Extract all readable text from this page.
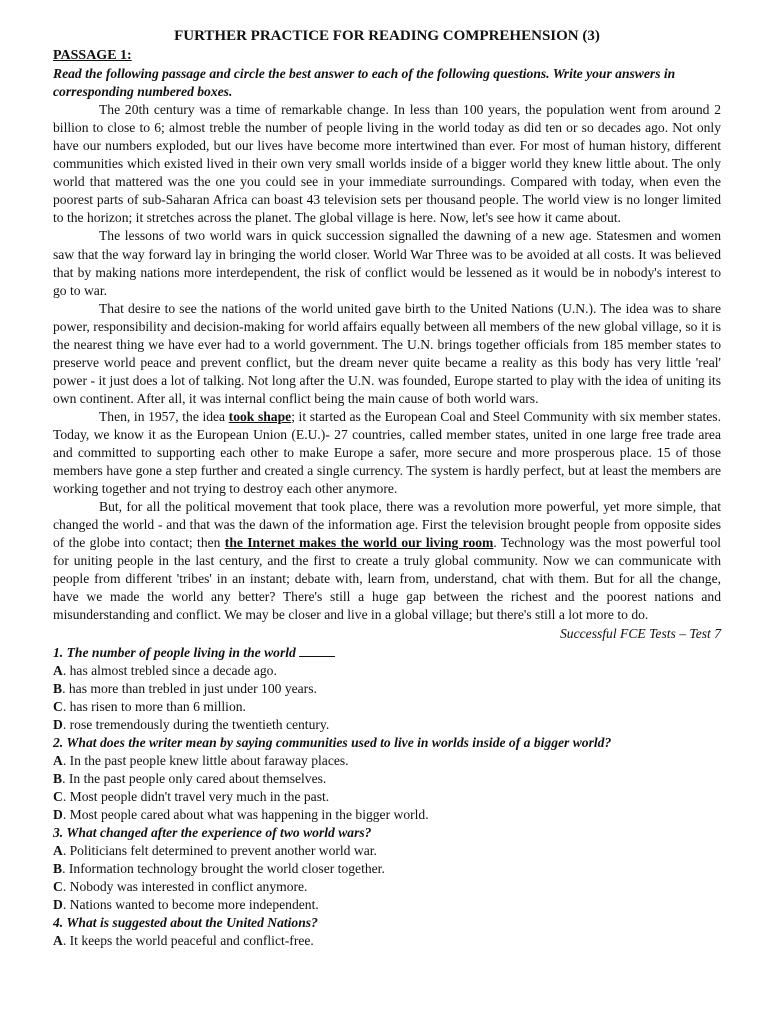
FURTHER PRACTICE FOR READING COMPREHENSION (3)

PASSAGE 1:

Read the following passage and circle the best answer to each of the following questions. Write your answers in corresponding numbered boxes.

The 20th century was a time of remarkable change. In less than 100 years, the population went from around 2 billion to close to 6; almost treble the number of people living in the world today as did ten or so decades ago. Not only have our numbers exploded, but our lives have become more intertwined than ever. For most of human history, different communities which existed lived in their own very small worlds inside of a bigger world they knew little about. The only world that mattered was the one you could see in your immediate surroundings. Compared with today, when even the poorest parts of sub-Saharan Africa can boast 43 television sets per thousand people. The world view is no longer limited to the horizon; it stretches across the planet. The global village is here. Now, let's see how it came about.

The lessons of two world wars in quick succession signalled the dawning of a new age. Statesmen and women saw that the way forward lay in bringing the world closer. World War Three was to be avoided at all costs. It was believed that by making nations more interdependent, the risk of conflict would be lessened as it would be in nobody's interest to go to war.

That desire to see the nations of the world united gave birth to the United Nations (U.N.). The idea was to share power, responsibility and decision-making for world affairs equally between all members of the new global village, so it is the nearest thing we have ever had to a world government. The U.N. brings together officials from 185 member states to preserve world peace and prevent conflict, but the dream never quite became a reality as this body has very little 'real' power - it just does a lot of talking. Not long after the U.N. was founded, Europe started to play with the idea of uniting its own continent. After all, it was internal conflict being the main cause of both world wars.

Then, in 1957, the idea took shape; it started as the European Coal and Steel Community with six member states. Today, we know it as the European Union (E.U.)- 27 countries, called member states, united in one large free trade area and committed to supporting each other to make Europe a safer, more secure and more prosperous place. 15 of those members have gone a step further and created a single currency. The system is hardly perfect, but at least the members are working together and not trying to destroy each other anymore.

But, for all the political movement that took place, there was a revolution more powerful, yet more simple, that changed the world - and that was the dawn of the information age. First the television brought people from opposite sides of the globe into contact; then the Internet makes the world our living room. Technology was the most powerful tool for uniting people in the last century, and the first to create a truly global community. Now we can communicate with people from different 'tribes' in an instant; debate with, learn from, understand, chat with them. But for all the change, have we made the world any better? There's still a huge gap between the richest and the poorest nations and misunderstanding and conflict. We may be closer and live in a global village; but there's still a lot more to do.

Successful FCE Tests – Test 7

1. The number of people living in the world

A. has almost trebled since a decade ago.

B. has more than trebled in just under 100 years.

C. has risen to more than 6 million.

D. rose tremendously during the twentieth century.

2. What does the writer mean by saying communities used to live in worlds inside of a bigger world?

A. In the past people knew little about faraway places.

B. In the past people only cared about themselves.

C. Most people didn't travel very much in the past.

D. Most people cared about what was happening in the bigger world.

3. What changed after the experience of two world wars?

A. Politicians felt determined to prevent another world war.

B. Information technology brought the world closer together.

C. Nobody was interested in conflict anymore.

D. Nations wanted to become more independent.

4. What is suggested about the United Nations?

A. It keeps the world peaceful and conflict-free.
